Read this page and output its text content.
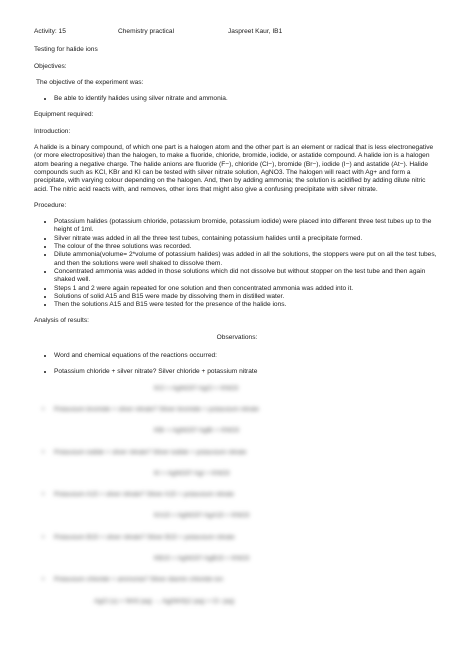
Activity: 15	Chemistry practical	Jaspreet Kaur, IB1
Testing for halide ions
Objectives:

The objective of the experiment was:

• Be able to identify halides using silver nitrate and ammonia.
Equipment required:
Introduction:

A halide is a binary compound, of which one part is a halogen atom and the other part is an element or radical that is less electronegative (or more electropositive) than the halogen, to make a fluoride, chloride, bromide, iodide, or astatide compound. A halide ion is a halogen atom bearing a negative charge. The halide anions are fluoride (F−), chloride (Cl−), bromide (Br−), iodide (I−) and astatide (At−). Halide compounds such as KCl, KBr and KI can be tested with silver nitrate solution, AgNO3. The halogen will react with Ag+ and form a precipitate, with varying colour depending on the halogen. And, then by adding ammonia; the solution is acidified by adding dilute nitric acid. The nitric acid reacts with, and removes, other ions that might also give a confusing precipitate with silver nitrate.

Procedure:
• Potassium halides (potassium chloride, potassium bromide, potassium iodide) were placed into different three test tubes up to the height of 1ml.
• Silver nitrate was added in all the three test tubes, containing potassium halides until a precipitate formed.
• The colour of the three solutions was recorded.
• Dilute ammonia(volume= 2*volume of potassium halides) was added in all the solutions, the stoppers were put on all the test tubes, and then the solutions were well shaked to dissolve them.
• Concentrated ammonia was added in those solutions which did not dissolve but without stopper on the test tube and then again shaked well.
• Steps 1 and 2 were again repeated for one solution and then concentrated ammonia was added into it.
• Solutions of solid A15 and B15 were made by dissolving them in distilled water.
• Then the solutions A15 and B15 were tested for the presence of the halide ions.
Analysis of results:
Observations:
• Word and chemical equations of the reactions occurred:
• Potassium chloride + silver nitrate? Silver chloride + potassium nitrate
KCl + AgNO3? AgCl + KNO3
• Potassium bromide + silver nitrate? Silver bromide + potassium nitrate
KBr + AgNO3? AgBr + KNO3
• Potassium iodide + silver nitrate? Silver iodide + potassium nitrate
KI + AgNO3? AgI + KNO3
• Potassium A15 + silver nitrate? Silver A15 + potassium nitrate
KA15 + AgNO3? AgA15 + KNO3
• Potassium B15 + silver nitrate? Silver B15 + potassium nitrate
KB15 + AgNO3? AgB15 + KNO3
• Potassium chloride + ammonia? Silver diamin chloride ion
AgCl (s) + NH3 (aq) → Ag(NH3)2 (aq) + Cl- (aq)
